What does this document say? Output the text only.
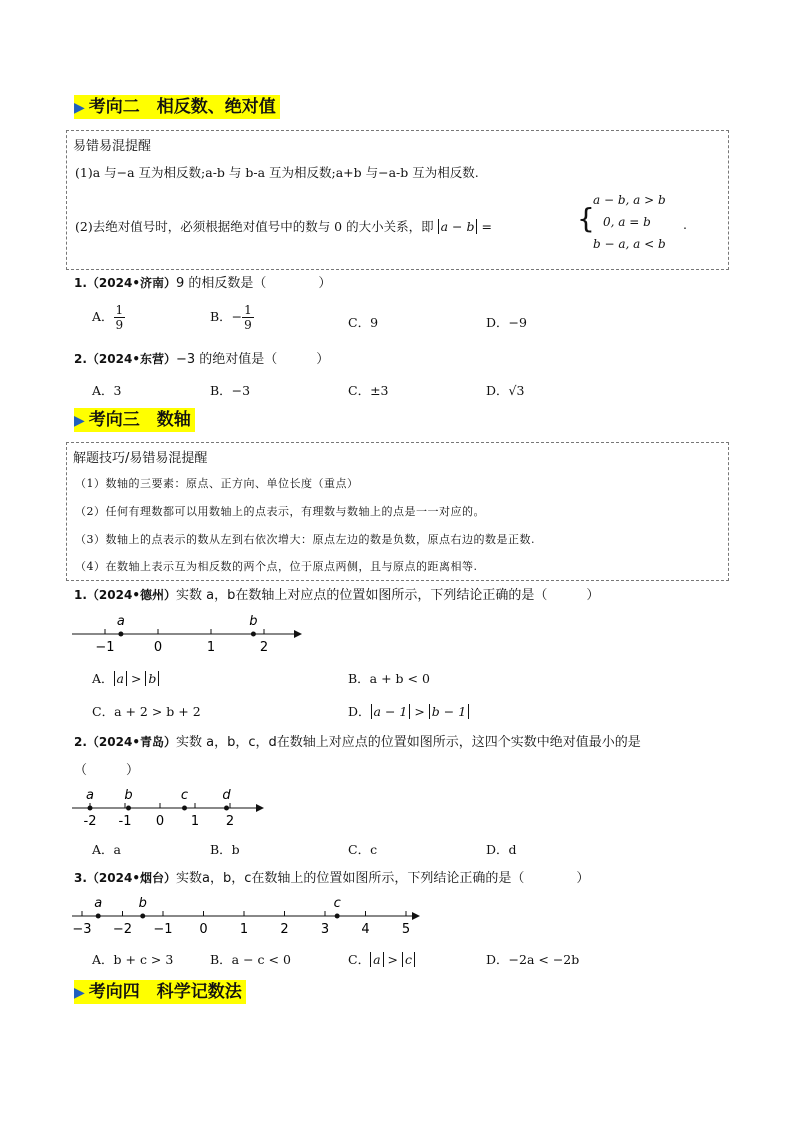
▶ 考向二　相反数、绝对值
易错易混提醒
(1)a 与−a 互为相反数;a-b 与 b-a 互为相反数;a+b 与−a-b 互为相反数.
(2)去绝对值号时，必须根据绝对值号中的数与 0 的大小关系，即 a − b =	{
a − b, a > b
0, a = b
b − a, a < b
.
1.（2024•济南）9 的相反数是（　　　　）
A． $\frac{1}{9}$	B．− $\frac{1}{9}$	C．9	D．−9
2.（2024•东营）−3 的绝对值是（　　　）
A．3	B．−3	C．±3	D．√3
▶ 考向三　数轴
解题技巧/易错易混提醒
（1）数轴的三要素：原点、正方向、单位长度（重点）
（2）任何有理数都可以用数轴上的点表示，有理数与数轴上的点是一一对应的。
（3）数轴上的点表示的数从左到右依次增大：原点左边的数是负数，原点右边的数是正数.
（4）在数轴上表示互为相反数的两个点，位于原点两侧，且与原点的距离相等.
1.（2024•德州）实数 a，b在数轴上对应点的位置如图所示，下列结论正确的是（　　　）
−1	0	1	2
a	b
A． a > b	B．a + b < 0
C．a + 2 > b + 2	D． a − 1 > b − 1
2.（2024•青岛）实数 a，b，c，d在数轴上对应点的位置如图所示，这四个实数中绝对值最小的是
（　　　）
-2 -1 0 1 2
a b	c	d
A．a	B．b	C．c	D．d
3.（2024•烟台）实数a，b，c在数轴上的位置如图所示，下列结论正确的是（　　　　）
−3 −2 −1 0 1 2 3 4 5
a	b	c
A．b + c > 3	B．a − c < 0	C． a > c	D．−2a < −2b
▶ 考向四　科学记数法
